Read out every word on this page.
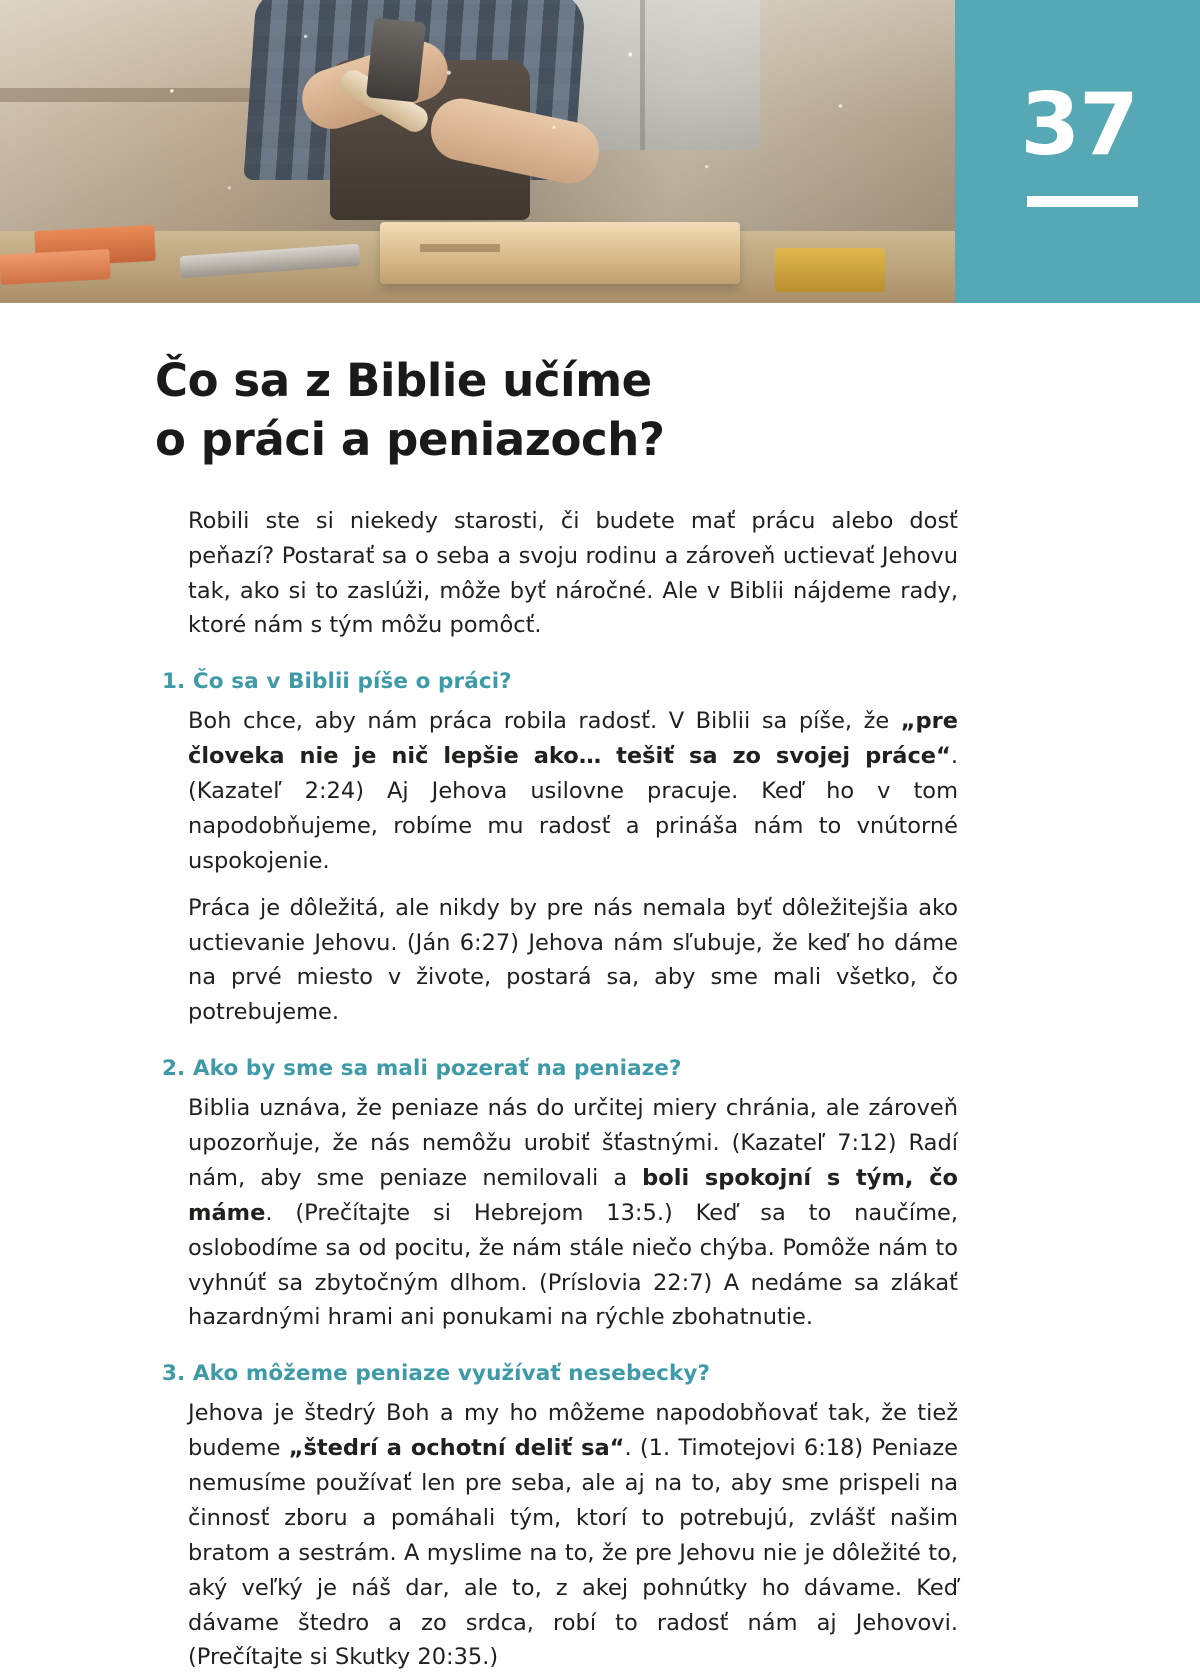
37
Čo sa z Biblie učíme
o práci a peniazoch?

Robili ste si niekedy starosti, či budete mať prácu alebo dosť peňazí? Postarať sa o seba a svoju rodinu a zároveň uctievať Jehovu tak, ako si to zaslúži, môže byť náročné. Ale v Biblii nájdeme rady, ktoré nám s tým môžu pomôcť.

1. Čo sa v Biblii píše o práci?

Boh chce, aby nám práca robila radosť. V Biblii sa píše, že „pre človeka nie je nič lepšie ako… tešiť sa zo svojej práce“. (Kazateľ 2:24) Aj Jehova usilovne pracuje. Keď ho v tom napodobňujeme, robíme mu radosť a prináša nám to vnútorné uspokojenie.

Práca je dôležitá, ale nikdy by pre nás nemala byť dôležitejšia ako uctievanie Jehovu. (Ján 6:27) Jehova nám sľubuje, že keď ho dáme na prvé miesto v živote, postará sa, aby sme mali všetko, čo potrebujeme.

2. Ako by sme sa mali pozerať na peniaze?

Biblia uznáva, že peniaze nás do určitej miery chránia, ale zároveň upozorňuje, že nás nemôžu urobiť šťastnými. (Kazateľ 7:12) Radí nám, aby sme peniaze nemilovali a boli spokojní s tým, čo máme. (Prečítajte si Hebrejom 13:5.) Keď sa to naučíme, oslobodíme sa od pocitu, že nám stále niečo chýba. Pomôže nám to vyhnúť sa zbytočným dlhom. (Príslovia 22:7) A nedáme sa zlákať hazardnými hrami ani ponukami na rýchle zbohatnutie.

3. Ako môžeme peniaze využívať nesebecky?

Jehova je štedrý Boh a my ho môžeme napodobňovať tak, že tiež budeme „štedrí a ochotní deliť sa“. (1. Timotejovi 6:18) Peniaze nemusíme používať len pre seba, ale aj na to, aby sme prispeli na činnosť zboru a pomáhali tým, ktorí to potrebujú, zvlášť našim bratom a sestrám. A myslime na to, že pre Jehovu nie je dôležité to, aký veľký je náš dar, ale to, z akej pohnútky ho dávame. Keď dávame štedro a zo srdca, robí to radosť nám aj Jehovovi. (Prečítajte si Skutky 20:35.)
